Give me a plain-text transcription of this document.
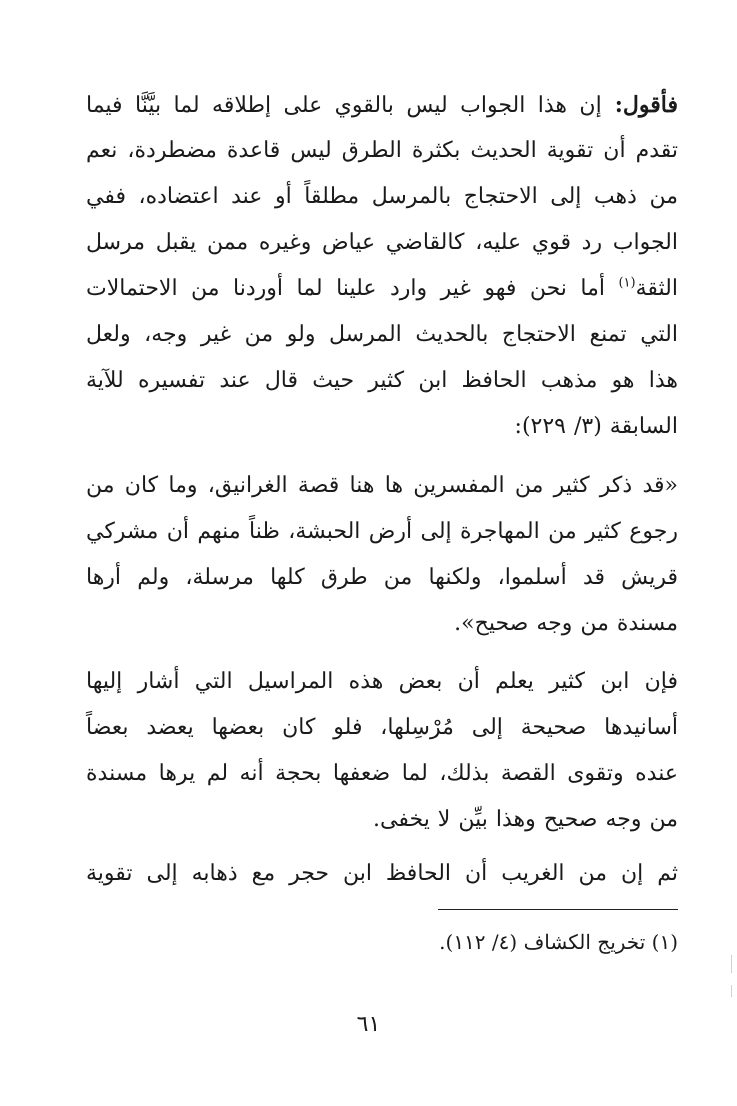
فأقول: إن هذا الجواب ليس بالقوي على إطلاقه لما بيَّنَّا فيما
تقدم أن تقوية الحديث بكثرة الطرق ليس قاعدة مضطردة، نعم
من ذهب إلى الاحتجاج بالمرسل مطلقاً أو عند اعتضاده، ففي
الجواب رد قوي عليه، كالقاضي عياض وغيره ممن يقبل مرسل
الثقة$^{(١)}$ أما نحن فهو غير وارد علينا لما أوردنا من الاحتمالات
التي تمنع الاحتجاج بالحديث المرسل ولو من غير وجه، ولعل
هذا هو مذهب الحافظ ابن كثير حيث قال عند تفسيره للآية
السابقة (٣/ ٢٢٩):
«قد ذكر كثير من المفسرين ها هنا قصة الغرانيق، وما كان من
رجوع كثير من المهاجرة إلى أرض الحبشة، ظناً منهم أن مشركي
قريش قد أسلموا، ولكنها من طرق كلها مرسلة، ولم أرها
مسندة من وجه صحيح».
فإن ابن كثير يعلم أن بعض هذه المراسيل التي أشار إليها
أسانيدها صحيحة إلى مُرْسِلها، فلو كان بعضها يعضد بعضاً
عنده وتقوى القصة بذلك، لما ضعفها بحجة أنه لم يرها مسندة
من وجه صحيح وهذا بيِّن لا يخفى.
ثم إن من الغريب أن الحافظ ابن حجر مع ذهابه إلى تقوية
(١) تخريج الكشاف (٤/ ١١٢).
٦١
